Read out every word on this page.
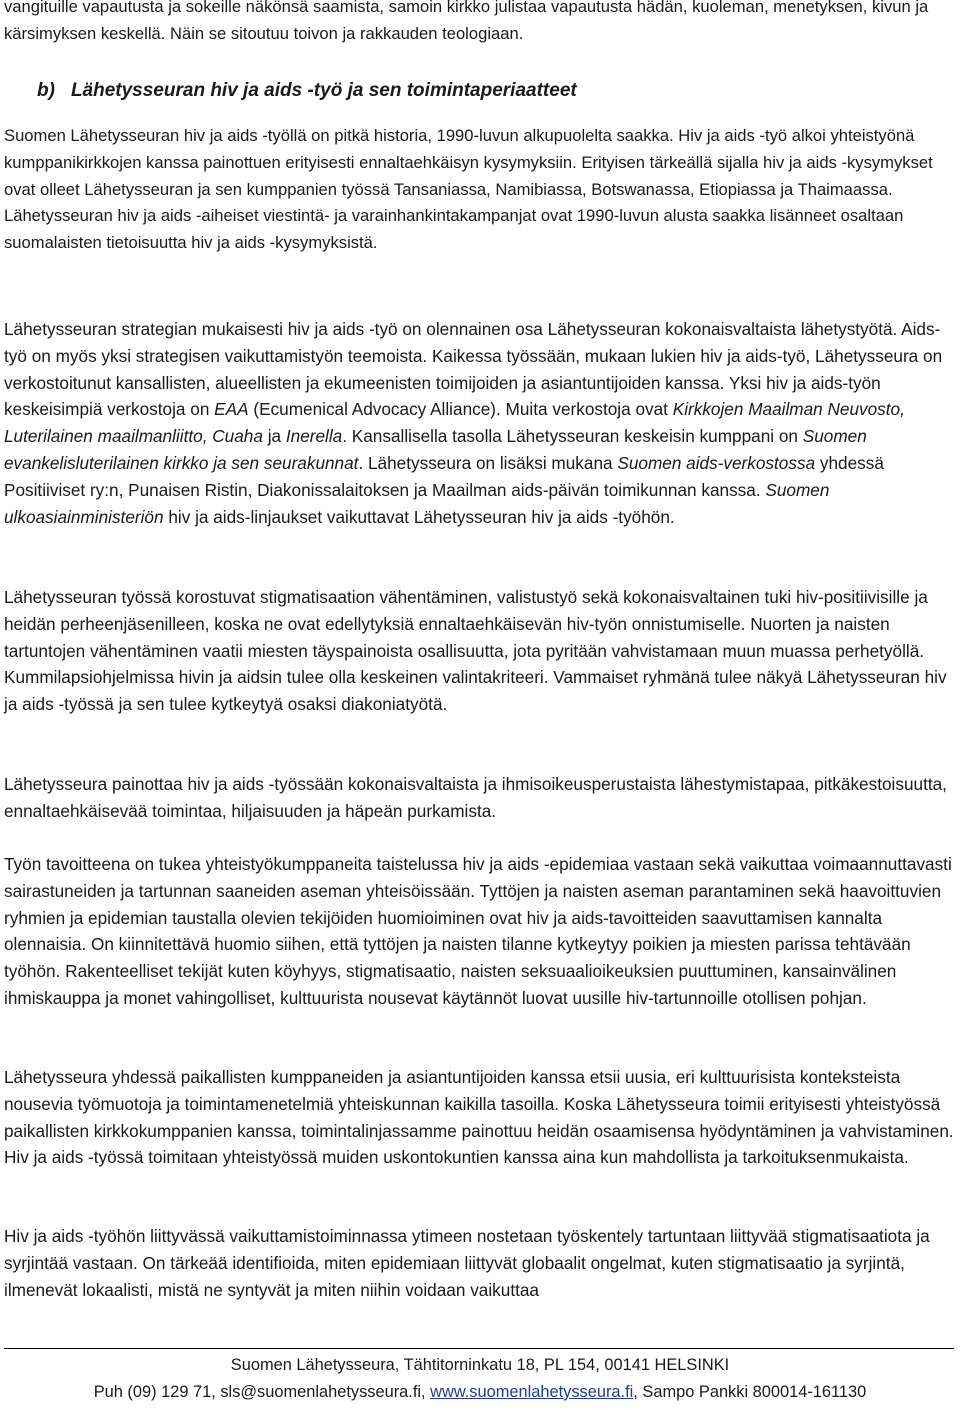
vangituille vapautusta ja sokeille näkönsä saamista, samoin kirkko julistaa vapautusta hädän, kuoleman, menetyksen, kivun ja kärsimyksen keskellä. Näin se sitoutuu toivon ja rakkauden teologiaan.

b) Lähetysseuran hiv ja aids -työ ja sen toimintaperiaatteet

Suomen Lähetysseuran hiv ja aids -työllä on pitkä historia, 1990-luvun alkupuolelta saakka. Hiv ja aids -työ alkoi yhteistyönä kumppanikirkkojen kanssa painottuen erityisesti ennaltaehkäisyn kysymyksiin. Erityisen tärkeällä sijalla hiv ja aids -kysymykset ovat olleet Lähetysseuran ja sen kumppanien työssä Tansaniassa, Namibiassa, Botswanassa, Etiopiassa ja Thaimaassa. Lähetysseuran hiv ja aids -aiheiset viestintä- ja varainhankintakampanjat ovat 1990-luvun alusta saakka lisänneet osaltaan suomalaisten tietoisuutta hiv ja aids -kysymyksistä.

Lähetysseuran strategian mukaisesti hiv ja aids -työ on olennainen osa Lähetysseuran kokonaisvaltaista lähetystyötä. Aids-työ on myös yksi strategisen vaikuttamistyön teemoista. Kaikessa työssään, mukaan lukien hiv ja aids-työ, Lähetysseura on verkostoitunut kansallisten, alueellisten ja ekumeenisten toimijoiden ja asiantuntijoiden kanssa. Yksi hiv ja aids-työn keskeisimpiä verkostoja on EAA (Ecumenical Advocacy Alliance). Muita verkostoja ovat Kirkkojen Maailman Neuvosto, Luterilainen maailmanliitto, Cuaha ja Inerella. Kansallisella tasolla Lähetysseuran keskeisin kumppani on Suomen evankelisluterilainen kirkko ja sen seurakunnat. Lähetysseura on lisäksi mukana Suomen aids-verkostossa yhdessä Positiiviset ry:n, Punaisen Ristin, Diakonissalaitoksen ja Maailman aids-päivän toimikunnan kanssa. Suomen ulkoasiainministeriön hiv ja aids-linjaukset vaikuttavat Lähetysseuran hiv ja aids -työhön.

Lähetysseuran työssä korostuvat stigmatisaation vähentäminen, valistustyö sekä kokonaisvaltainen tuki hiv-positiivisille ja heidän perheenjäsenilleen, koska ne ovat edellytyksiä ennaltaehkäisevän hiv-työn onnistumiselle. Nuorten ja naisten tartuntojen vähentäminen vaatii miesten täyspainoista osallisuutta, jota pyritään vahvistamaan muun muassa perhetyöllä. Kummilapsiohjelmissa hivin ja aidsin tulee olla keskeinen valintakriteeri. Vammaiset ryhmänä tulee näkyä Lähetysseuran hiv ja aids -työssä ja sen tulee kytkeytyä osaksi diakoniatyötä.

Lähetysseura painottaa hiv ja aids -työssään kokonaisvaltaista ja ihmisoikeusperustaista lähestymistapaa, pitkäkestoisuutta, ennaltaehkäisevää toimintaa, hiljaisuuden ja häpeän purkamista.

Työn tavoitteena on tukea yhteistyökumppaneita taistelussa hiv ja aids -epidemiaa vastaan sekä vaikuttaa voimaannuttavasti sairastuneiden ja tartunnan saaneiden aseman yhteisöissään. Tyttöjen ja naisten aseman parantaminen sekä haavoittuvien ryhmien ja epidemian taustalla olevien tekijöiden huomioiminen ovat hiv ja aids-tavoitteiden saavuttamisen kannalta olennaisia. On kiinnitettävä huomio siihen, että tyttöjen ja naisten tilanne kytkeytyy poikien ja miesten parissa tehtävään työhön. Rakenteelliset tekijät kuten köyhyys, stigmatisaatio, naisten seksuaalioikeuksien puuttuminen, kansainvälinen ihmiskauppa ja monet vahingolliset, kulttuurista nousevat käytännöt luovat uusille hiv-tartunnoille otollisen pohjan.

Lähetysseura yhdessä paikallisten kumppaneiden ja asiantuntijoiden kanssa etsii uusia, eri kulttuurisista konteksteista nousevia työmuotoja ja toimintamenetelmiä yhteiskunnan kaikilla tasoilla. Koska Lähetysseura toimii erityisesti yhteistyössä paikallisten kirkkokumppanien kanssa, toimintalinjassamme painottuu heidän osaamisensa hyödyntäminen ja vahvistaminen. Hiv ja aids -työssä toimitaan yhteistyössä muiden uskontokuntien kanssa aina kun mahdollista ja tarkoituksenmukaista.

Hiv ja aids -työhön liittyvässä vaikuttamistoiminnassa ytimeen nostetaan työskentely tartuntaan liittyvää stigmatisaatiota ja syrjintää vastaan. On tärkeää identifioida, miten epidemiaan liittyvät globaalit ongelmat, kuten stigmatisaatio ja syrjintä, ilmenevät lokaalisti, mistä ne syntyvät ja miten niihin voidaan vaikuttaa

Suomen Lähetysseura, Tähtitorninkatu 18, PL 154, 00141 HELSINKI
Puh (09) 129 71, sls@suomenlahetysseura.fi, www.suomenlahetysseura.fi, Sampo Pankki 800014-161130
